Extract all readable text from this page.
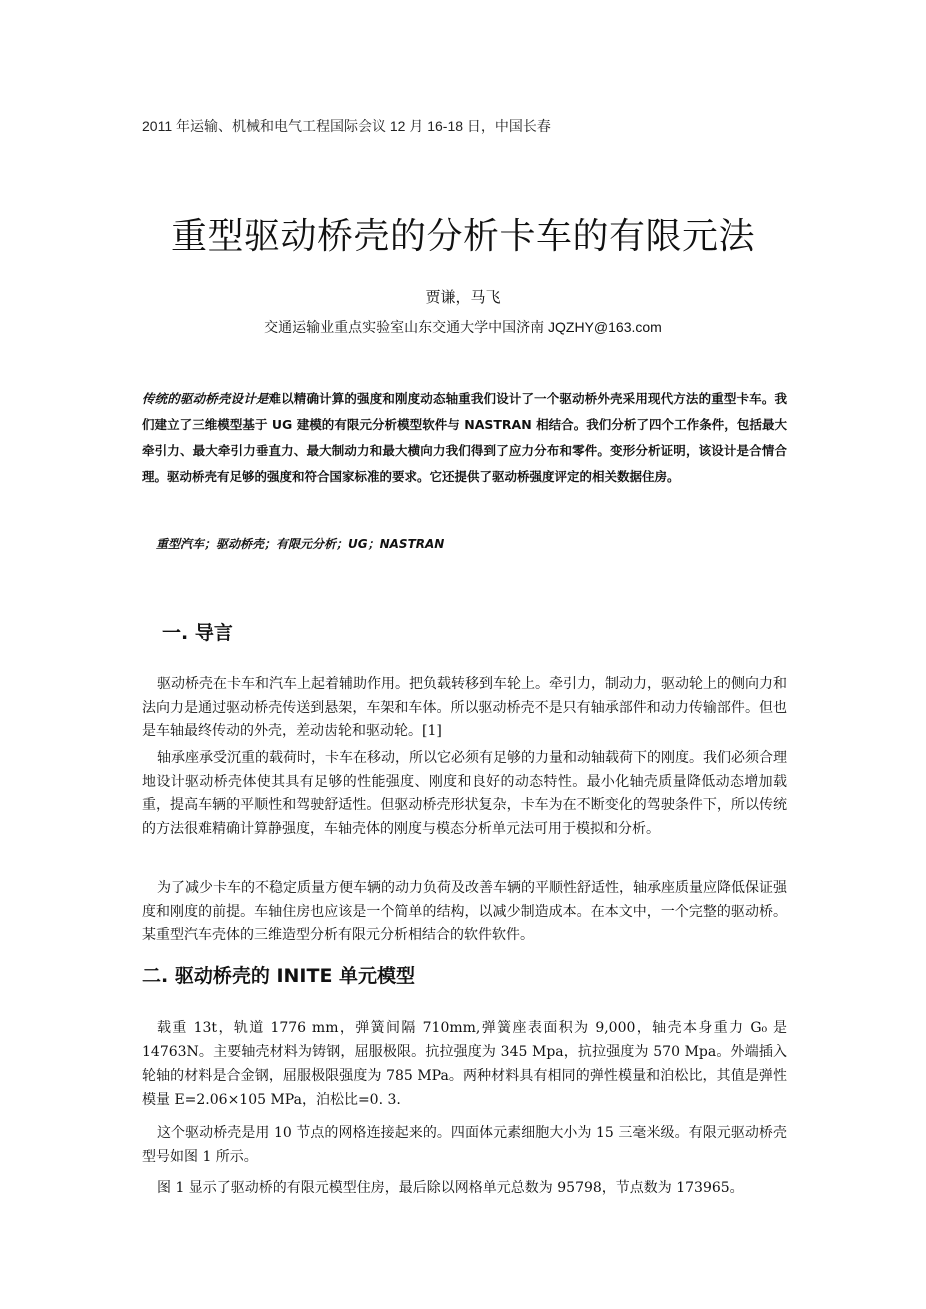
2011 年运输、机械和电气工程国际会议 12 月 16-18 日，中国长春
重型驱动桥壳的分析卡车的有限元法
贾谦，马飞
交通运输业重点实验室山东交通大学中国济南 JQZHY@163.com
传统的驱动桥壳设计是难以精确计算的强度和刚度动态轴重我们设计了一个驱动桥外壳采用现代方法的重型卡车。我们建立了三维模型基于 UG 建模的有限元分析模型软件与 NASTRAN 相结合。我们分析了四个工作条件，包括最大牵引力、最大牵引力垂直力、最大制动力和最大横向力我们得到了应力分布和零件。变形分析证明，该设计是合情合理。驱动桥壳有足够的强度和符合国家标准的要求。它还提供了驱动桥强度评定的相关数据住房。
重型汽车；驱动桥壳；有限元分析；UG；NASTRAN
一. 导言

驱动桥壳在卡车和汽车上起着辅助作用。把负载转移到车轮上。牵引力，制动力，驱动轮上的侧向力和法向力是通过驱动桥壳传送到悬架，车架和车体。所以驱动桥壳不是只有轴承部件和动力传输部件。但也是车轴最终传动的外壳，差动齿轮和驱动轮。[1]

轴承座承受沉重的载荷时，卡车在移动，所以它必须有足够的力量和动轴载荷下的刚度。我们必须合理地设计驱动桥壳体使其具有足够的性能强度、刚度和良好的动态特性。最小化轴壳质量降低动态增加载重，提高车辆的平顺性和驾驶舒适性。但驱动桥壳形状复杂，卡车为在不断变化的驾驶条件下，所以传统的方法很难精确计算静强度，车轴壳体的刚度与模态分析单元法可用于模拟和分析。

为了减少卡车的不稳定质量方便车辆的动力负荷及改善车辆的平顺性舒适性，轴承座质量应降低保证强度和刚度的前提。车轴住房也应该是一个简单的结构，以减少制造成本。在本文中，一个完整的驱动桥。某重型汽车壳体的三维造型分析有限元分析相结合的软件软件。

二. 驱动桥壳的 INITE 单元模型

载重 13t，轨道 1776 mm，弹簧间隔 710mm,弹簧座表面积为 9,000，轴壳本身重力 G₀ 是 14763N。主要轴壳材料为铸钢，屈服极限。抗拉强度为 345 Mpa，抗拉强度为 570 Mpa。外端插入轮轴的材料是合金钢，屈服极限强度为 785 MPa。两种材料具有相同的弹性模量和泊松比，其值是弹性模量 E=2.06×105 MPa，泊松比=0. 3.

这个驱动桥壳是用 10 节点的网格连接起来的。四面体元素细胞大小为 15 三毫米级。有限元驱动桥壳型号如图 1 所示。

图 1 显示了驱动桥的有限元模型住房，最后除以网格单元总数为 95798，节点数为 173965。
